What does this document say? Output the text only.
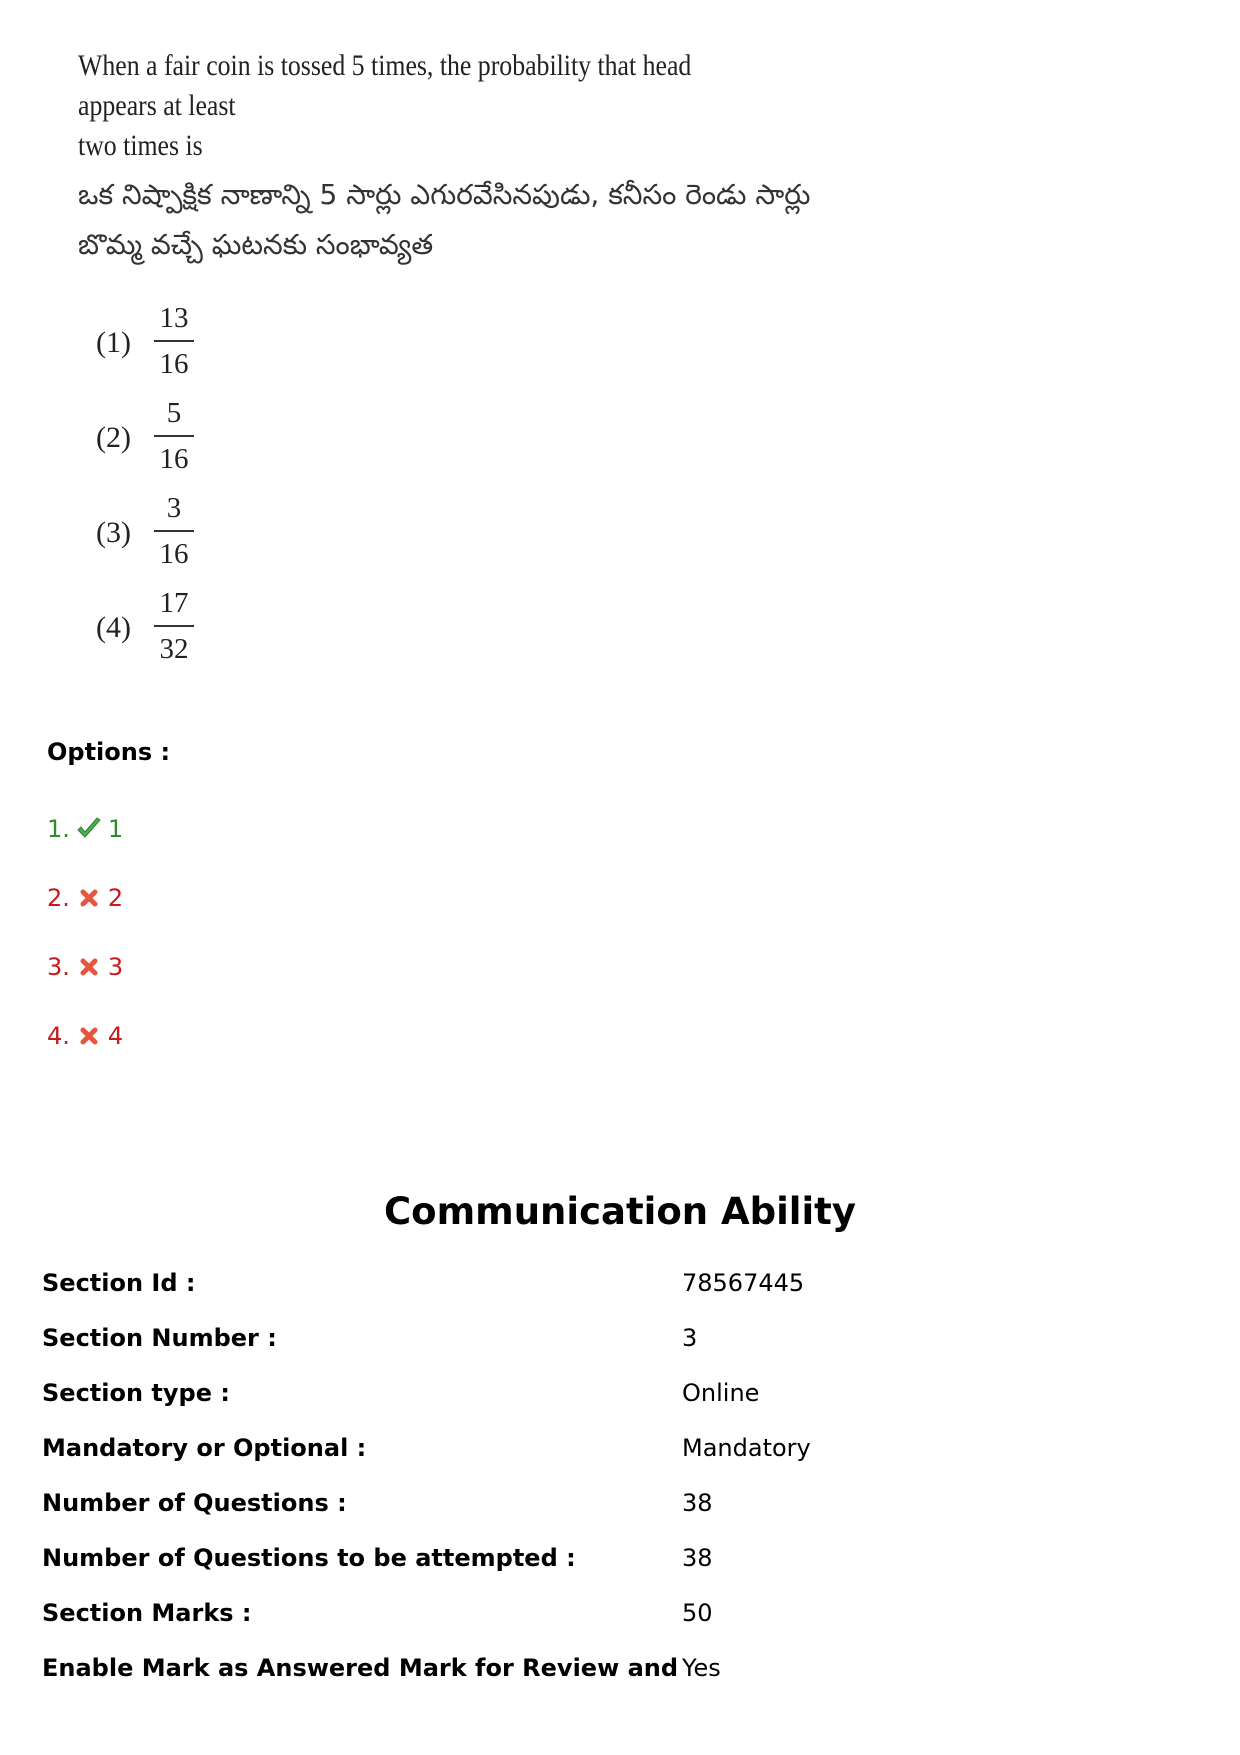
When a fair coin is tossed 5 times, the probability that head appears at least
two times is
ఒక నిష్పాక్షిక నాణాన్ని 5 సార్లు ఎగురవేసినపుడు, కనీసం రెండు సార్లు
బొమ్మ వచ్చే ఘటనకు సంభావ్యత
(1)
13
16
(2)
5
16
(3)
3
16
(4)
17
32
Options :
1. 1
2. 2
3. 3
4. 4
Communication Ability
Section Id :	78567445
Section Number :	3
Section type :	Online
Mandatory or Optional :	Mandatory
Number of Questions :	38
Number of Questions to be attempted :	38
Section Marks :	50
Enable Mark as Answered Mark for Review and Yes
